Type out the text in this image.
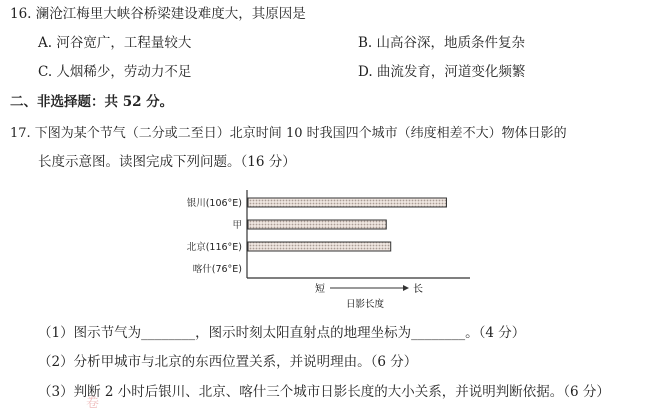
16. 澜沧江梅里大峡谷桥梁建设难度大，其原因是
A. 河谷宽广，工程量较大	B. 山高谷深，地质条件复杂
C. 人烟稀少，劳动力不足	D. 曲流发育，河道变化频繁
二、非选择题：共 52 分。
17. 下图为某个节气（二分或二至日）北京时间 10 时我国四个城市（纬度相差不大）物体日影的
长度示意图。读图完成下列问题。（16 分）
银川(106°E)
甲
北京(116°E)
喀什(76°E)
短	长
日影长度
（1）图示节气为________，图示时刻太阳直射点的地理坐标为________。（4 分）
（2）分析甲城市与北京的东西位置关系，并说明理由。（6 分）
（3）判断 2 小时后银川、北京、喀什三个城市日影长度的大小关系，并说明判断依据。（6 分）
卷
